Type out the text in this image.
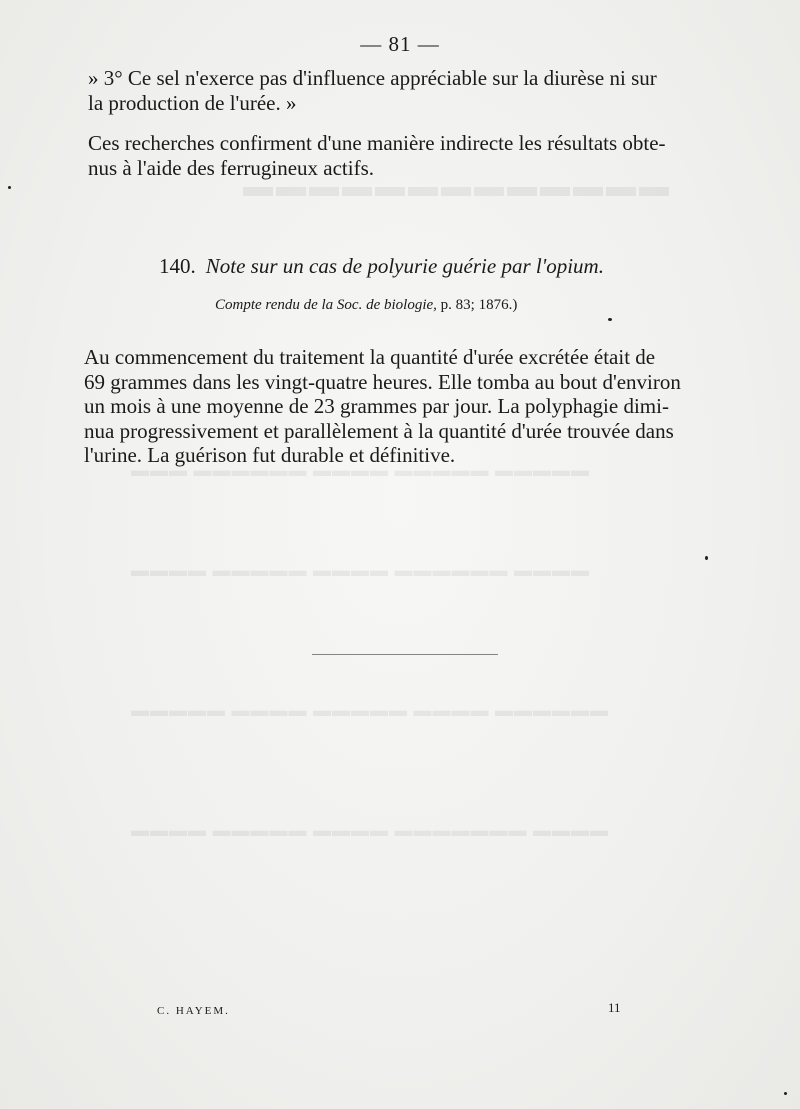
▬▬▬▬▬▬▬▬▬▬▬▬▬
▬▬▬▬▬ ▬▬▬▬▬ ▬▬▬▬ ▬▬▬▬▬▬ ▬▬▬
▬▬▬▬ ▬▬▬▬▬▬ ▬▬▬▬ ▬▬▬▬▬ ▬▬▬▬
▬▬▬▬▬▬ ▬▬▬▬ ▬▬▬▬▬ ▬▬▬▬ ▬▬▬▬▬
▬▬▬▬ ▬▬▬▬▬▬▬ ▬▬▬▬ ▬▬▬▬▬ ▬▬▬▬
— 81 —

» 3° Ce sel n'exerce pas d'influence appréciable sur la diurèse ni sur
la production de l'urée. »

Ces recherches confirment d'une manière indirecte les résultats obte-
nus à l'aide des ferrugineux actifs.

140. Note sur un cas de polyurie guérie par l'opium.
Compte rendu de la Soc. de biologie, p. 83; 1876.)

Au commencement du traitement la quantité d'urée excrétée était de
69 grammes dans les vingt-quatre heures. Elle tomba au bout d'environ
un mois à une moyenne de 23 grammes par jour. La polyphagie dimi-
nua progressivement et parallèlement à la quantité d'urée trouvée dans
l'urine. La guérison fut durable et définitive.

C. HAYEM.	11
